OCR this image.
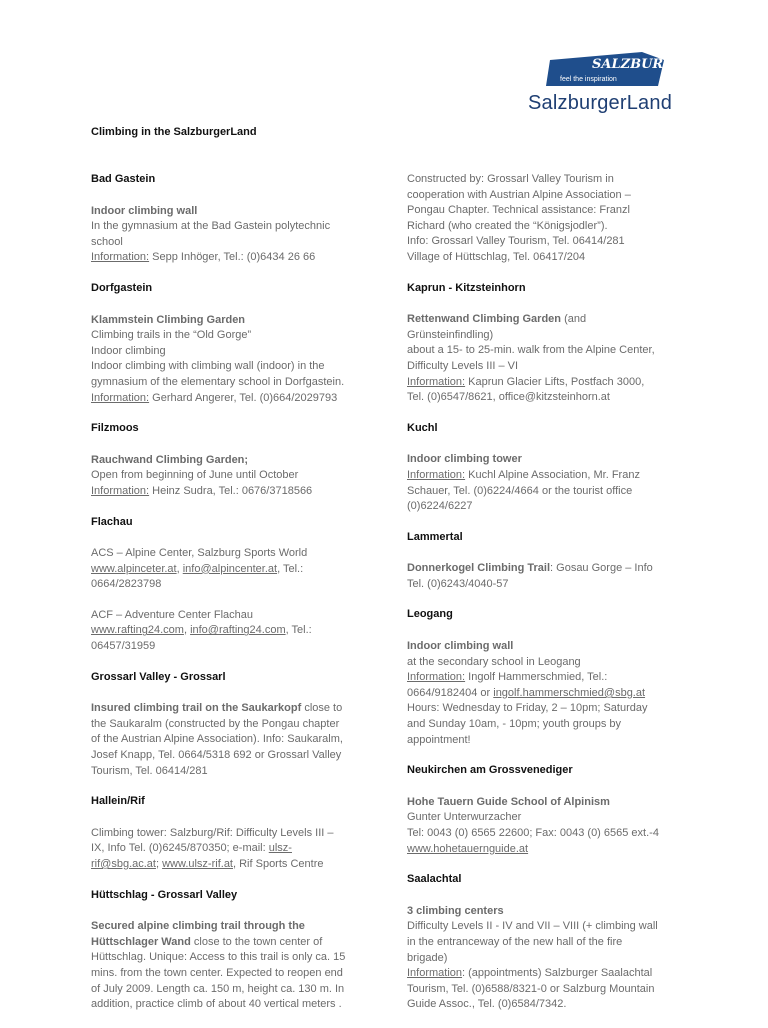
SALZBURG
feel the inspiration
SalzburgerLand
Climbing in the SalzburgerLand
Bad Gastein
Indoor climbing wall
In the gymnasium at the Bad Gastein polytechnic
school
Information: Sepp Inhöger, Tel.: (0)6434 26 66
Dorfgastein
Klammstein Climbing Garden
Climbing trails in the “Old Gorge”
Indoor climbing
Indoor climbing with climbing wall (indoor) in the
gymnasium of the elementary school in Dorfgastein.
Information: Gerhard Angerer, Tel. (0)664/2029793
Filzmoos
Rauchwand Climbing Garden;
Open from beginning of June until October
Information: Heinz Sudra, Tel.: 0676/3718566
Flachau
ACS – Alpine Center, Salzburg Sports World
www.alpinceter.at, info@alpincenter.at, Tel.:
0664/2823798
ACF – Adventure Center Flachau
www.rafting24.com, info@rafting24.com, Tel.:
06457/31959
Grossarl Valley - Grossarl
Insured climbing trail on the Saukarkopf close to
the Saukaralm (constructed by the Pongau chapter
of the Austrian Alpine Association). Info: Saukaralm,
Josef Knapp, Tel. 0664/5318 692 or Grossarl Valley
Tourism, Tel. 06414/281
Hallein/Rif
Climbing tower: Salzburg/Rif: Difficulty Levels III –
IX, Info Tel. (0)6245/870350; e-mail: ulsz-
rif@sbg.ac.at; www.ulsz-rif.at, Rif Sports Centre
Hüttschlag - Grossarl Valley
Secured alpine climbing trail through the
Hüttschlager Wand close to the town center of
Hüttschlag. Unique: Access to this trail is only ca. 15
mins. from the town center. Expected to reopen end
of July 2009. Length ca. 150 m, height ca. 130 m. In
addition, practice climb of about 40 vertical meters .
Constructed by: Grossarl Valley Tourism in
cooperation with Austrian Alpine Association –
Pongau Chapter. Technical assistance: Franzl
Richard (who created the “Königsjodler”).
Info: Grossarl Valley Tourism, Tel. 06414/281
Village of Hüttschlag, Tel. 06417/204
Kaprun - Kitzsteinhorn
Rettenwand Climbing Garden (and
Grünsteinfindling)
about a 15- to 25-min. walk from the Alpine Center,
Difficulty Levels III – VI
Information: Kaprun Glacier Lifts, Postfach 3000,
Tel. (0)6547/8621, office@kitzsteinhorn.at
Kuchl
Indoor climbing tower
Information: Kuchl Alpine Association, Mr. Franz
Schauer, Tel. (0)6224/4664 or the tourist office
(0)6224/6227
Lammertal
Donnerkogel Climbing Trail: Gosau Gorge – Info
Tel. (0)6243/4040-57
Leogang
Indoor climbing wall
at the secondary school in Leogang
Information: Ingolf Hammerschmied, Tel.:
0664/9182404 or ingolf.hammerschmied@sbg.at
Hours: Wednesday to Friday, 2 – 10pm; Saturday
and Sunday 10am, - 10pm; youth groups by
appointment!
Neukirchen am Grossvenediger
Hohe Tauern Guide School of Alpinism
Gunter Unterwurzacher
Tel: 0043 (0) 6565 22600; Fax: 0043 (0) 6565 ext.-4
www.hohetauernguide.at
Saalachtal
3 climbing centers
Difficulty Levels II - IV and VII – VIII (+ climbing wall
in the entranceway of the new hall of the fire
brigade)
Information: (appointments) Salzburger Saalachtal
Tourism, Tel. (0)6588/8321-0 or Salzburg Mountain
Guide Assoc., Tel. (0)6584/7342.
